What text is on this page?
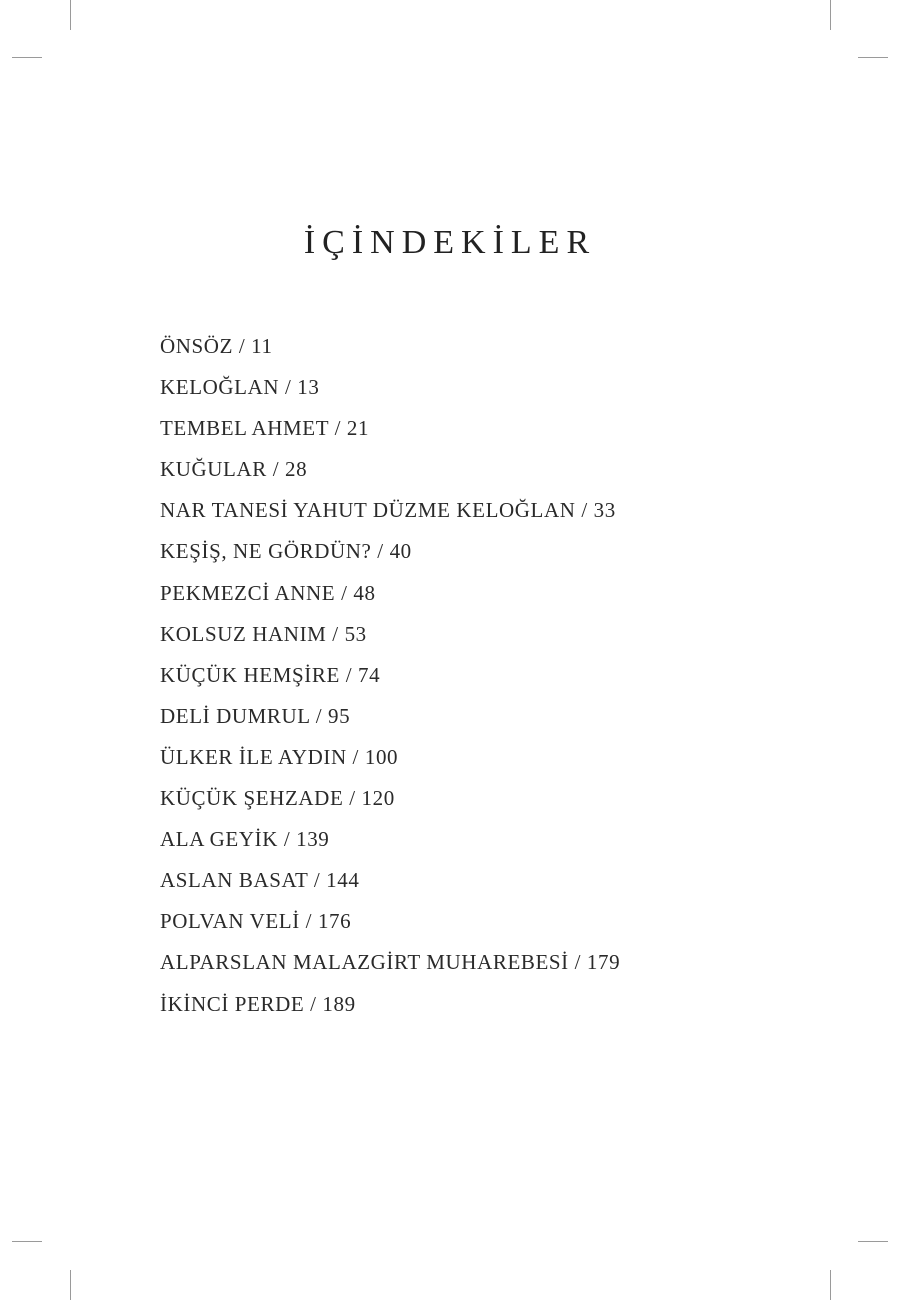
İÇİNDEKİLER
ÖNSÖZ / 11
KELOĞLAN / 13
TEMBEL AHMET / 21
KUĞULAR / 28
NAR TANESİ YAHUT DÜZME KELOĞLAN / 33
KEŞİŞ, NE GÖRDÜN? / 40
PEKMEZCİ ANNE / 48
KOLSUZ HANIM / 53
KÜÇÜK HEMŞİRE / 74
DELİ DUMRUL / 95
ÜLKER İLE AYDIN / 100
KÜÇÜK ŞEHZADE / 120
ALA GEYİK / 139
ASLAN BASAT / 144
POLVAN VELİ / 176
ALPARSLAN MALAZGİRT MUHAREBESİ / 179
İKİNCİ PERDE / 189
